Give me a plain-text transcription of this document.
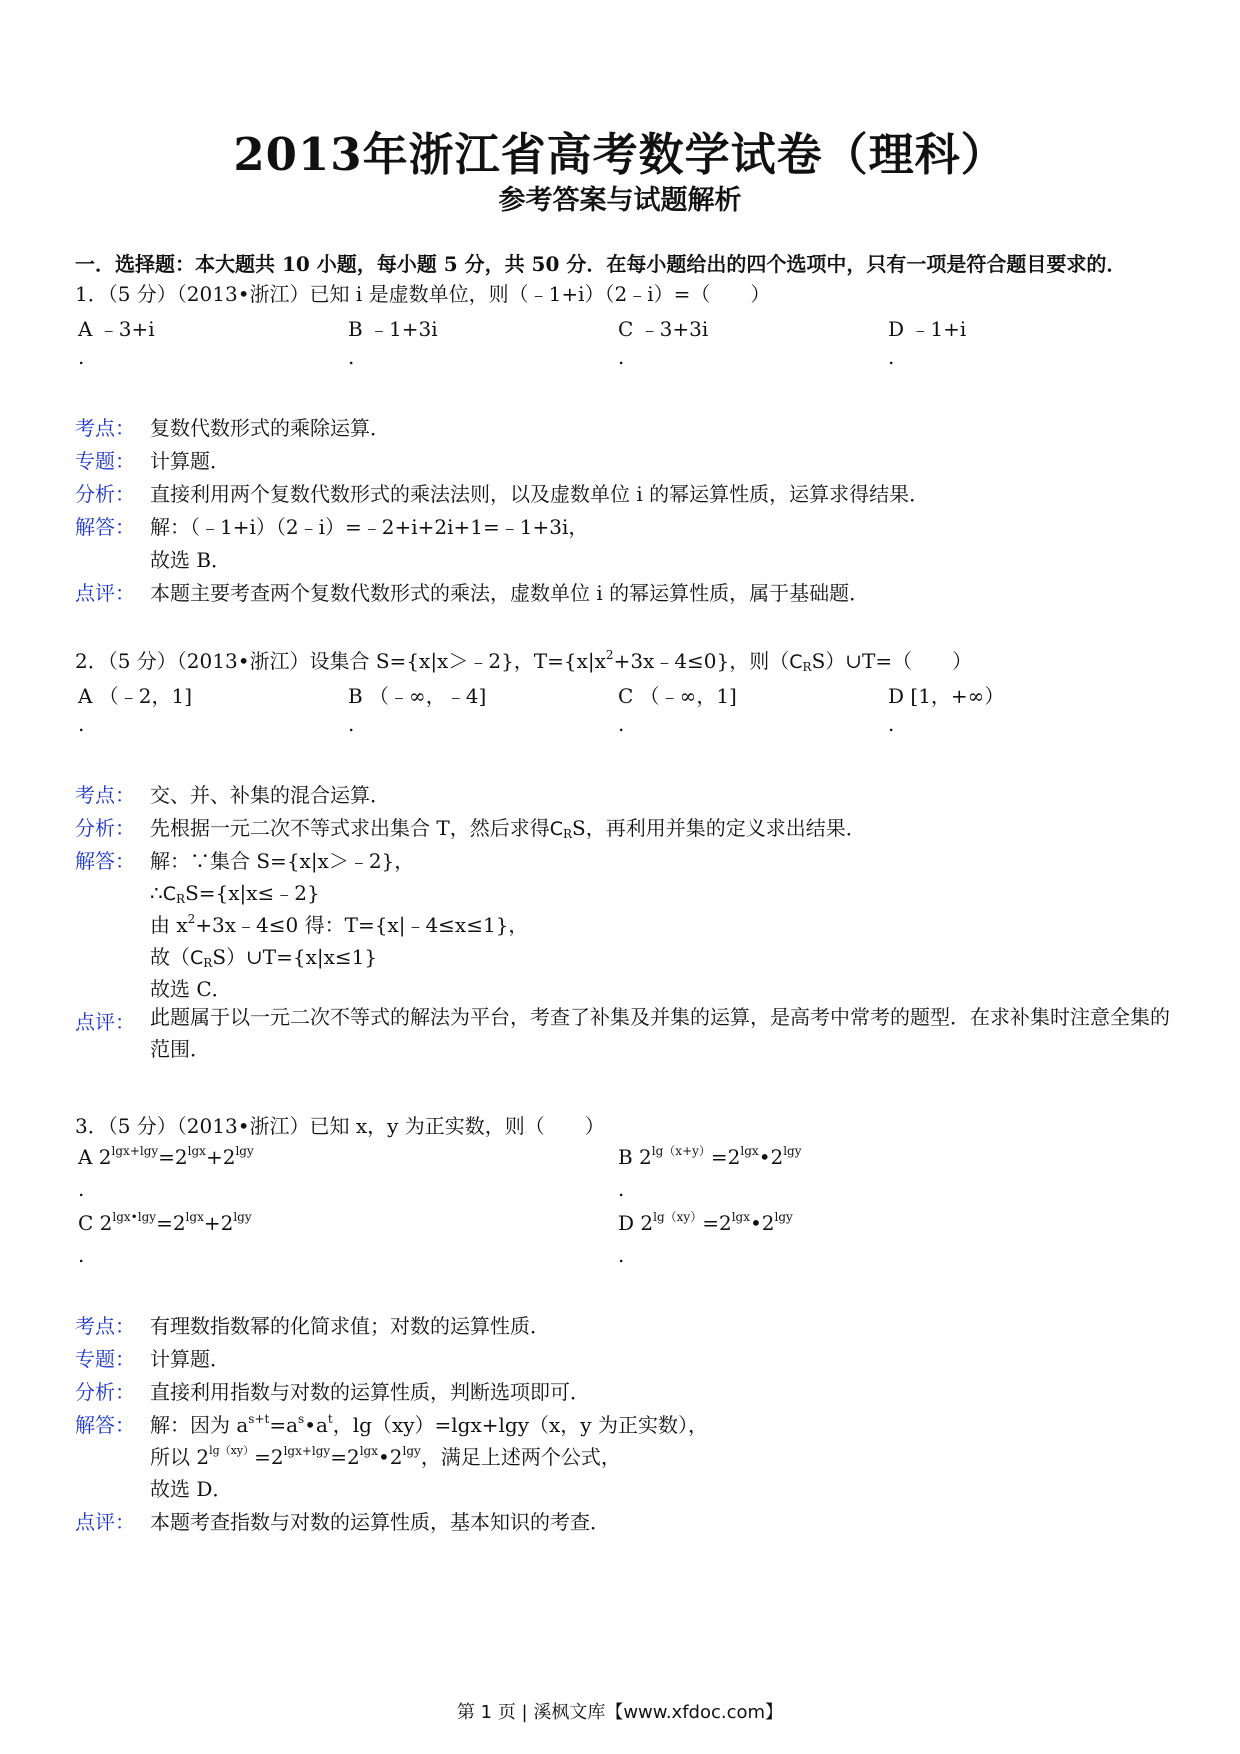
2013年浙江省高考数学试卷（理科）
参考答案与试题解析
一．选择题：本大题共 10 小题，每小题 5 分，共 50 分．在每小题给出的四个选项中，只有一项是符合题目要求的．
1．（5 分）（2013•浙江）已知 i 是虚数单位，则（﹣1+i）（2﹣i）=（　　）
A ﹣3+i	B ﹣1+3i	C ﹣3+3i	D ﹣1+i
.	.	.	.
考点： 复数代数形式的乘除运算．
专题： 计算题．
分析： 直接利用两个复数代数形式的乘法法则，以及虚数单位 i 的幂运算性质，运算求得结果．
解答： 解：（﹣1+i）（2﹣i）=﹣2+i+2i+1=﹣1+3i，
故选 B．
点评： 本题主要考查两个复数代数形式的乘法，虚数单位 i 的幂运算性质，属于基础题．
2．（5 分）（2013•浙江）设集合 S={x|x＞﹣2}，$T=\{x|x^2+3x﹣4\le 0\}$，则$(C_RS)\cup T=$（　　）
A （﹣2，1]	B （﹣∞，﹣4]	C （﹣∞，1]	D [1，+∞）
.	.	.	.
考点： 交、并、补集的混合运算．
分析： 先根据一元二次不等式求出集合 T，然后求得$C_RS$，再利用并集的定义求出结果．
解答： 解：∵集合 S={x|x＞﹣2}，
$\therefore C_RS=\{x|x\le﹣2\}$
由 $x^2+3x﹣4\le 0$ 得：T={x|﹣4≤x≤1}，
故$(C_RS)\cup T=\{x|x\le 1\}$
故选 C．
点评： 此题属于以一元二次不等式的解法为平台，考查了补集及并集的运算，是高考中常考的题型．在求补集时注意全集的范围．
3．（5 分）（2013•浙江）已知 x，y 为正实数，则（　　）
A $2^{lgx+lgy}=2^{lgx}+2^{lgy}$	B $2^{lg(x+y)}=2^{lgx}•2^{lgy}$
.	.
C $2^{lgx•lgy}=2^{lgx}+2^{lgy}$	D $2^{lg(xy)}=2^{lgx}•2^{lgy}$
.	.
考点： 有理数指数幂的化简求值；对数的运算性质．
专题： 计算题．
分析： 直接利用指数与对数的运算性质，判断选项即可．
解答： 解：因为 $a^{s+t}=a^s•a^t$，lg（xy）=lgx+lgy（x，y 为正实数），
所以 $2^{lg(xy)}=2^{lgx+lgy}=2^{lgx}•2^{lgy}$，满足上述两个公式，
故选 D．
点评： 本题考查指数与对数的运算性质，基本知识的考查．
第 1 页 | 溪枫文库【www.xfdoc.com】
